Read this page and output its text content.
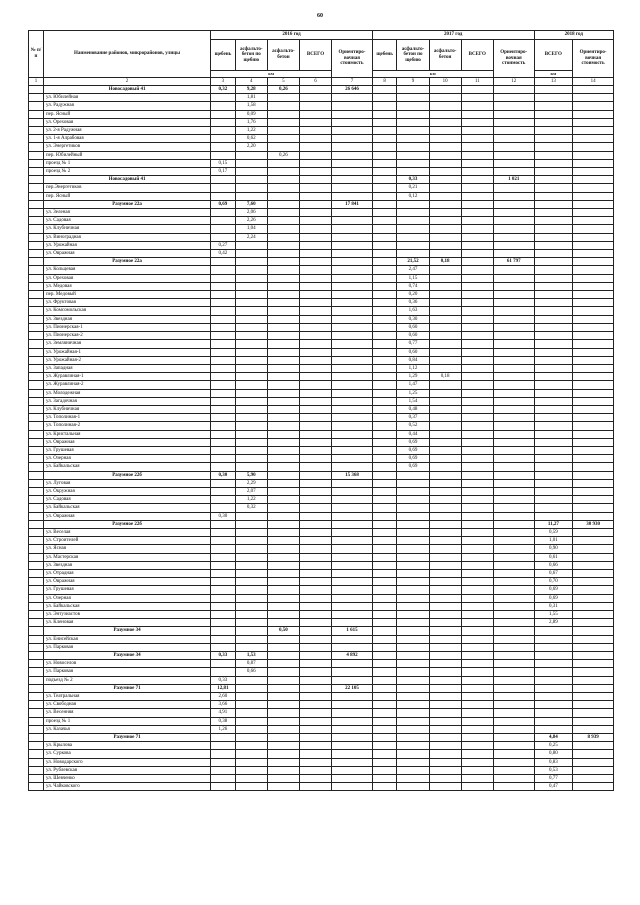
60
№ п/п	Наименование районов, микрорайонов, улицы	2016 год					2017 год					2018 год	
		щебень	асфальто-бетон по щебню	асфальто-бетон	ВСЕГО	Ориентиро-вочная стоимость	щебень	асфальто-бетон по щебню	асфальто-бетон	ВСЕГО	Ориентиро-вочная стоимость	ВСЕГО	Ориентиро-вочная стоимость
		км					км					км	
1	2	3	4	5	6	7	8	9	10	11	12	13	14
	Новосадовый 41	0,32	9,28	0,26		26 646							
	ул. Юбилейная		1,81										
	ул. Радужная		1,58										
	пер. Ясный		0,09										
	ул. Ореховая		1,76										
	ул. 2-я Радужная		1,22										
	ул. 1-я Алрабовая		0,62										
	ул. Энергетиков		2,20										
	пер. Юбилейный			0,26									
	проезд № 1	0,15											
	проезд № 2	0,17											
	Новосадовый 41							0,33			1 021		
	пер.Энергетиков							0,21					
	пер. Ясный							0,12					
	Разумное 22а	0,69	7,60			17 841							
	ул. Зеленая		2,06										
	ул. Садовая		2,26										
	ул. Клубничная		1,04										
	ул. Виноградная		2,24										
	ул. Урожайная	0,27											
	ул. Овражная	0,42											
	Разумное 22а							21,52	0,18		61 797		
	ул. Кольцевая							2,47					
	ул. Ореховая							1,15					
	ул. Медовая							0,74					
	пер. Медовый							0,20					
	ул. Фруктовая							0,36					
	ул. Комсомольская							1,63					
	ул. Звездная							0,30					
	ул. Пионерская-1							0,60					
	ул. Пионерская-2							0,60					
	ул. Земляничная							0,77					
	ул. Урожайная-1							0,60					
	ул. Урожайная-2							0,84					
	ул. Западная							1,12					
	ул. Журавлиная-1							1,29	0,18				
	ул. Журавлиная-2							1,47					
	ул. Молодежная							1,25					
	ул. Загадочная							1,54					
	ул. Клубничная							0,48					
	ул. Тополиная-1							0,37					
	ул. Тополиная-2							0,52					
	ул. Кристальная							0,44					
	ул. Овражная							0,69					
	ул. Грушевая							0,69					
	ул. Озерная							0,69					
	ул. Байкальская							0,69					
	Разумное 22б	0,30	5,90			15 368							
	ул. Луговая		2,29										
	ул. Окружная		2,07										
	ул. Садовая		1,22										
	ул. Байкальская		0,32										
	ул. Овражная	0,30											
	Разумное 22б											11,27	30 930
	ул. Веселая											0,59	
	ул. Строителей											1,01	
	ул. Ясная											0,90	
	ул. Мастерская											0,61	
	ул. Звездная											0,66	
	ул. Отрадная											0,67	
	ул. Овражная											0,70	
	ул. Грушевая											0,69	
	ул. Озерная											0,69	
	ул. Байкальская											0,31	
	ул. Энтузиастов											1,55	
	ул. Кленовая											2,89	
	Разумное 34			0,50		1 615							
	ул. Енисейская												
	ул. Парковая												
	Разумное 34	0,33	1,53			4 892							
	ул. Новоселов		0,87										
	ул. Парковая		0,66										
	подъезд № 2	0,33											
	Разумное 71	12,81				22 105							
	ул. Театральная	2,60											
	ул. Свободная	3,66											
	ул. Весенняя	4,91											
	проезд № 1	0,38											
	ул. Казачья	1,26											
	Разумное 71											4,84	8 939
	ул. Крылова											0,25	
	ул. Суркова											0,80	
	ул. Новодарского											0,83	
	ул. Рублевская											0,53	
	ул. Шевченко											0,77	
	ул. Чайковского											0,47	
